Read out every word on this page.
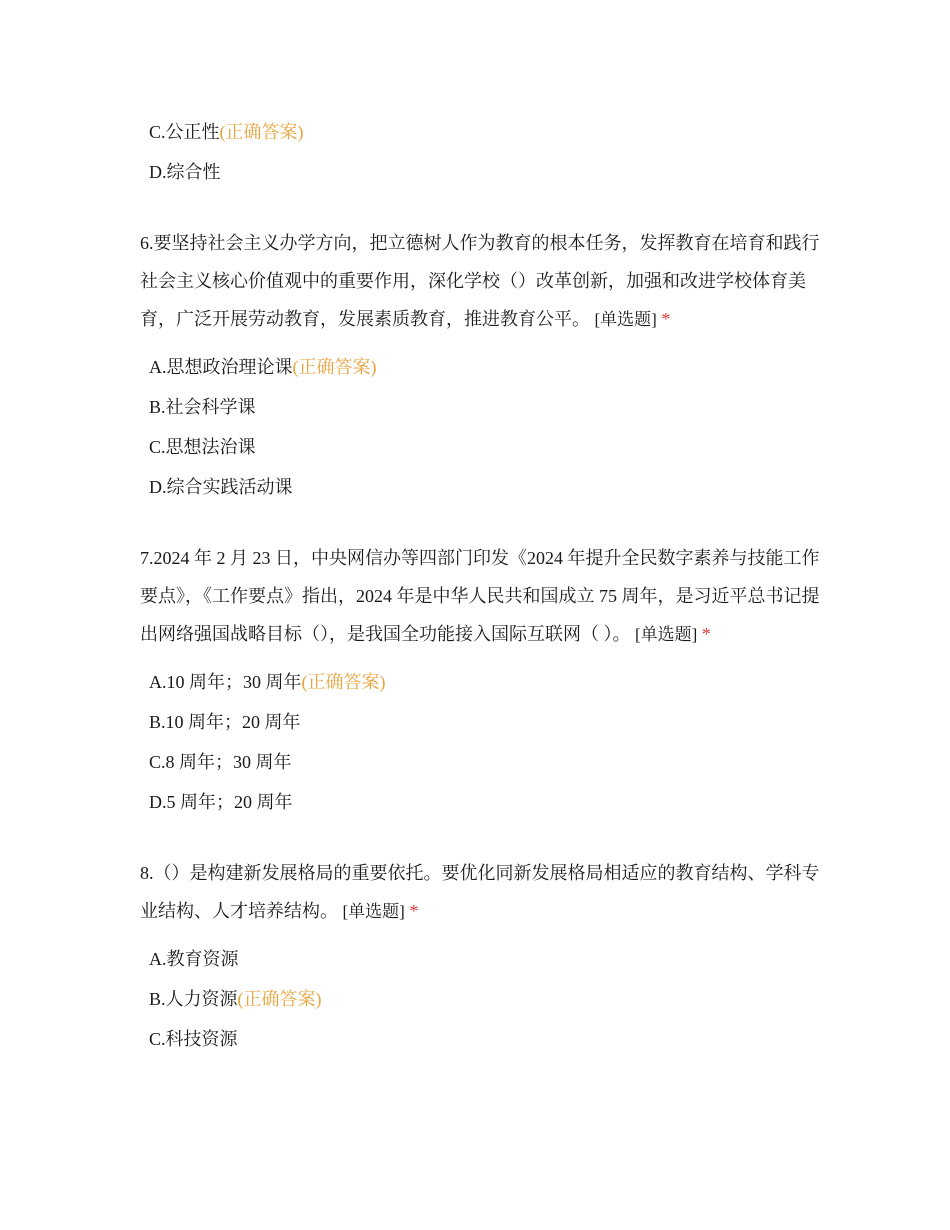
C.公正性(正确答案)
D.综合性
6.要坚持社会主义办学方向，把立德树人作为教育的根本任务，发挥教育在培育和践行社会主义核心价值观中的重要作用，深化学校（）改革创新，加强和改进学校体育美育，广泛开展劳动教育，发展素质教育，推进教育公平。 [单选题] *
A.思想政治理论课(正确答案)
B.社会科学课
C.思想法治课
D.综合实践活动课
7.2024 年 2 月 23 日，中央网信办等四部门印发《2024 年提升全民数字素养与技能工作要点》，《工作要点》指出，2024 年是中华人民共和国成立 75 周年，是习近平总书记提出网络强国战略目标（），是我国全功能接入国际互联网（ ）。 [单选题] *
A.10 周年；30 周年(正确答案)
B.10 周年；20 周年
C.8 周年；30 周年
D.5 周年；20 周年
8.（）是构建新发展格局的重要依托。要优化同新发展格局相适应的教育结构、学科专业结构、人才培养结构。 [单选题] *
A.教育资源
B.人力资源(正确答案)
C.科技资源
